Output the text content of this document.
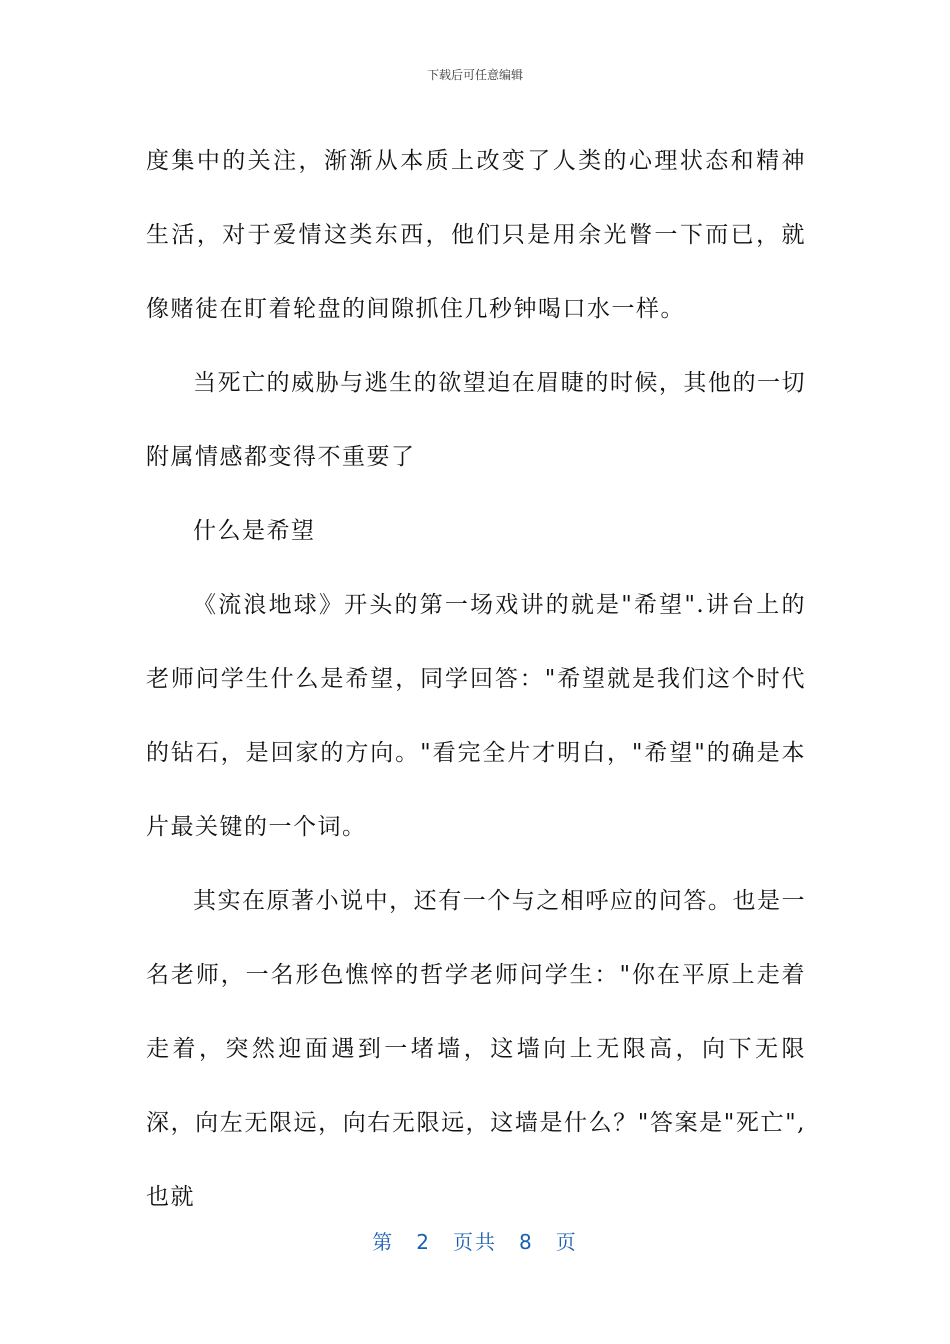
下载后可任意编辑

度集中的关注，渐渐从本质上改变了人类的心理状态和精神生活，对于爱情这类东西，他们只是用余光瞥一下而已，就像赌徒在盯着轮盘的间隙抓住几秒钟喝口水一样。

当死亡的威胁与逃生的欲望迫在眉睫的时候，其他的一切附属情感都变得不重要了

什么是希望

《流浪地球》开头的第一场戏讲的就是"希望".讲台上的老师问学生什么是希望，同学回答："希望就是我们这个时代的钻石，是回家的方向。"看完全片才明白，"希望"的确是本片最关键的一个词。

其实在原著小说中，还有一个与之相呼应的问答。也是一名老师，一名形色憔悴的哲学老师问学生："你在平原上走着走着，突然迎面遇到一堵墙，这墙向上无限高，向下无限深，向左无限远，向右无限远，这墙是什么？"答案是"死亡",也就

第 2 页共 8 页
